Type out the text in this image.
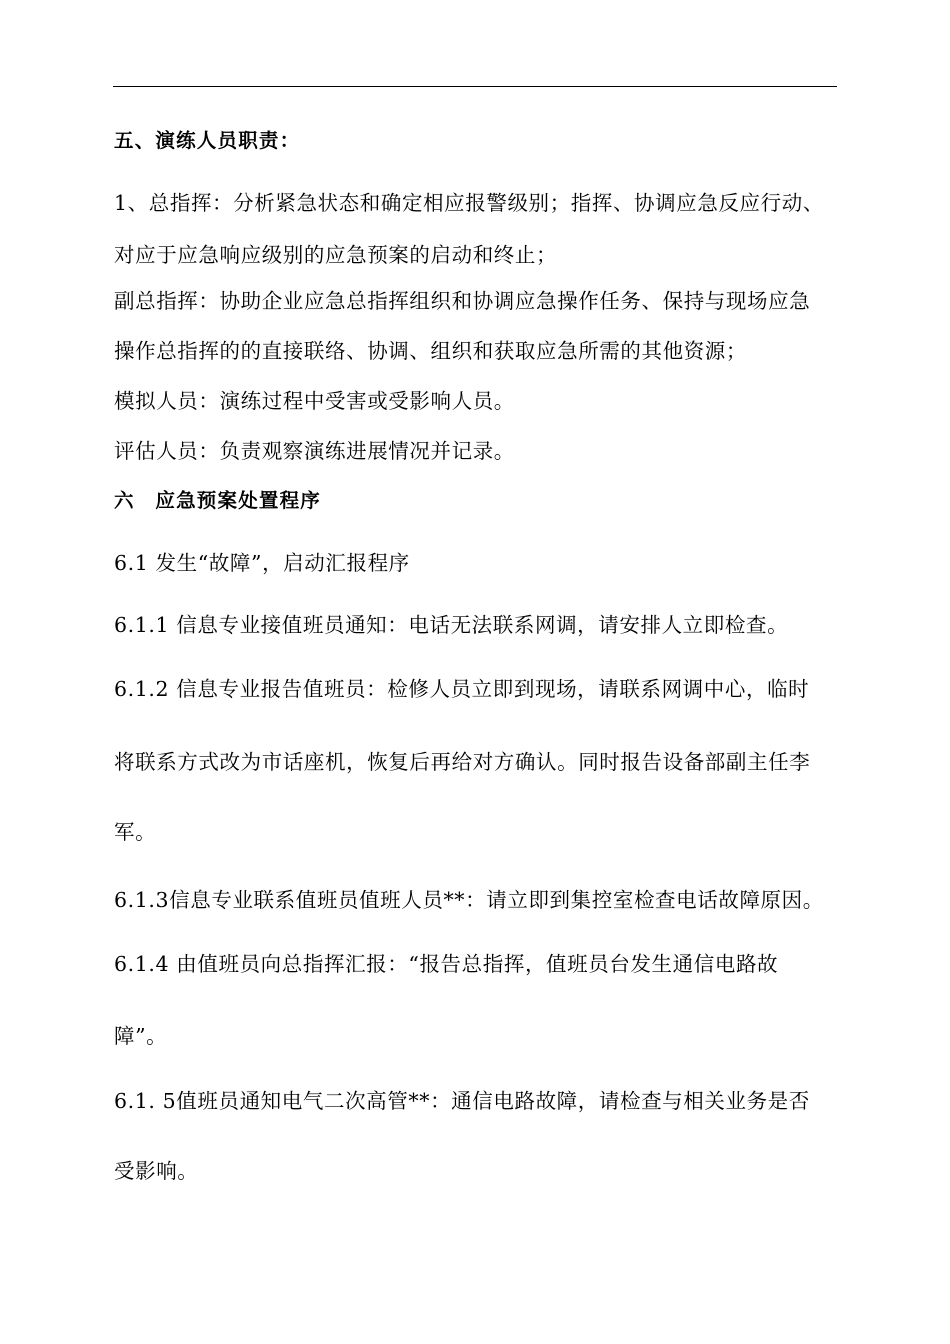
五、演练人员职责：
1、总指挥：分析紧急状态和确定相应报警级别；指挥、协调应急反应行动、
对应于应急响应级别的应急预案的启动和终止；
副总指挥：协助企业应急总指挥组织和协调应急操作任务、保持与现场应急
操作总指挥的的直接联络、协调、组织和获取应急所需的其他资源；
模拟人员：演练过程中受害或受影响人员。
评估人员：负责观察演练进展情况并记录。
六　应急预案处置程序
6.1 发生“故障”，启动汇报程序
6.1.1 信息专业接值班员通知：电话无法联系网调，请安排人立即检查。
6.1.2 信息专业报告值班员：检修人员立即到现场，请联系网调中心，临时
将联系方式改为市话座机，恢复后再给对方确认。同时报告设备部副主任李
军。
6.1.3信息专业联系值班员值班人员**：请立即到集控室检查电话故障原因。
6.1.4 由值班员向总指挥汇报：“报告总指挥，值班员台发生通信电路故
障”。
6.1. 5值班员通知电气二次高管**：通信电路故障，请检查与相关业务是否
受影响。
